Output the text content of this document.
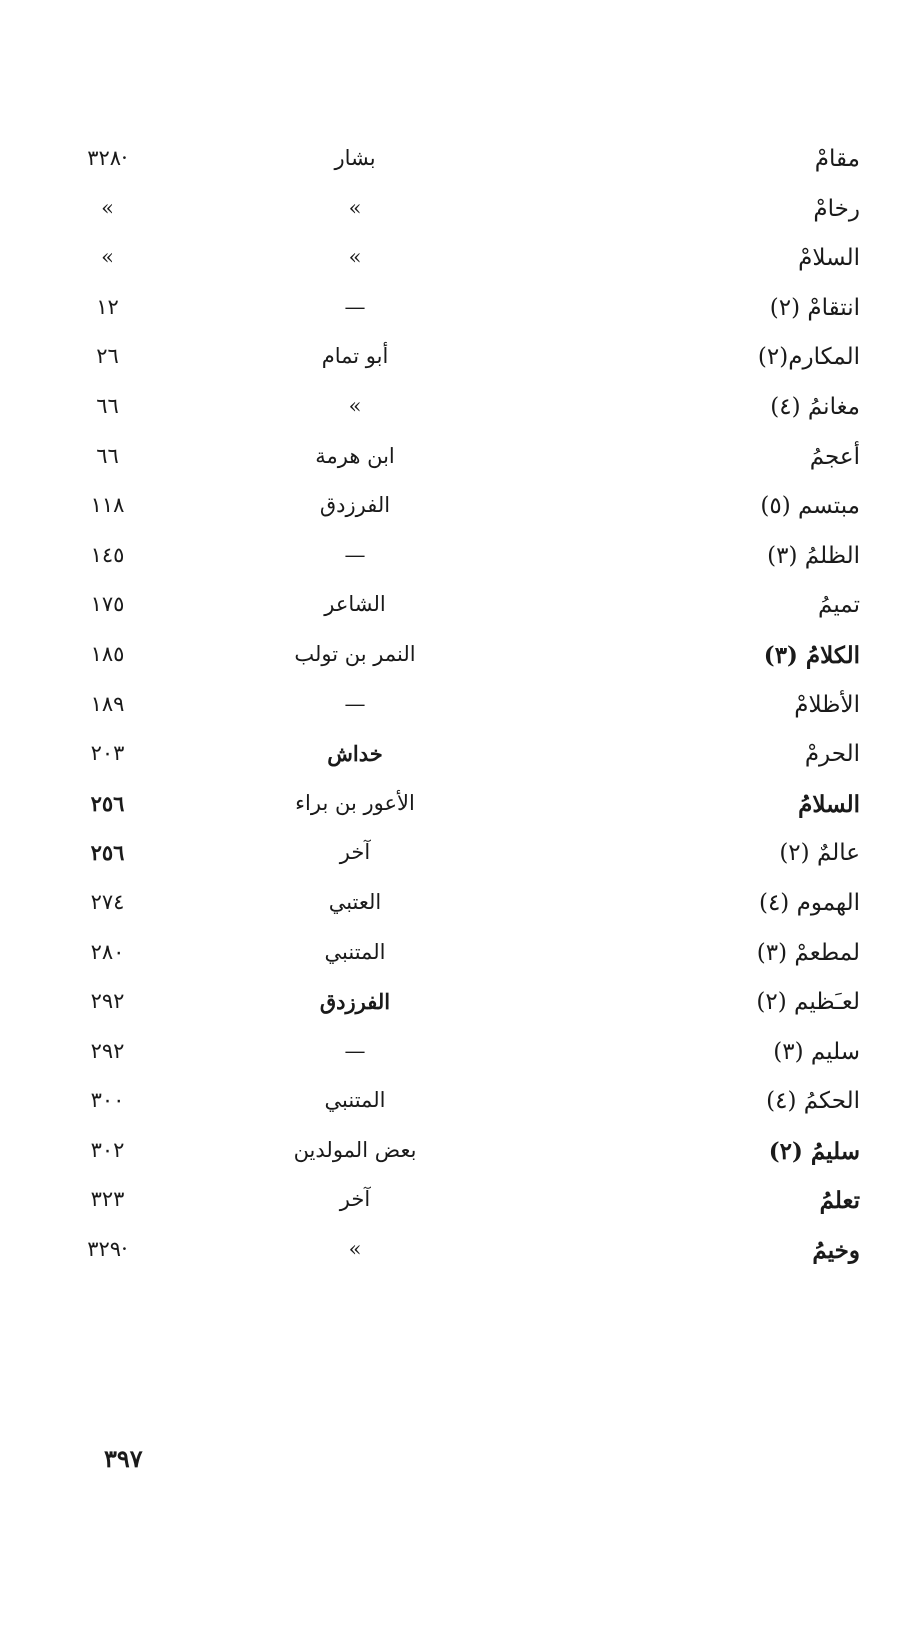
مقامْ
بشار
·٣٢٨
رخامْ
»
»
السلامْ
»
»
انتقامْ (٢)
—
١٢
المكارم(٢)
أبو تمام
٢٦
مغانمُ (٤)
»
٦٦
أعجمُ
ابن هرمة
٦٦
مبتسم (٥)
الفرزدق
١١٨
الظلمُ (٣)
—
١٤٥
تميمُ
الشاعر
١٧٥
الكلامُ (٣)
النمر بن تولب
١٨٥
الأظلامْ
—
١٨٩
الحرمْ
خداش
٢٠٣
السلامُ
الأعور بن براء
٢٥٦
عالمٌ (٢)
آخر
٢٥٦
الهموم (٤)
العتبي
٢٧٤
لمطعمْ (٣)
المتنبي
٢٨٠
لعـَظيم (٢)
الفرزدق
٢٩٢
سليم (٣)
—
٢٩٢
الحكمُ (٤)
المتنبي
٣٠٠
سليمُ (٢)
بعض المولدين
٣٠٢
تعلمُ
آخر
٣٢٣
وخيمُ
»
·٣٢٩
٣٩٧
